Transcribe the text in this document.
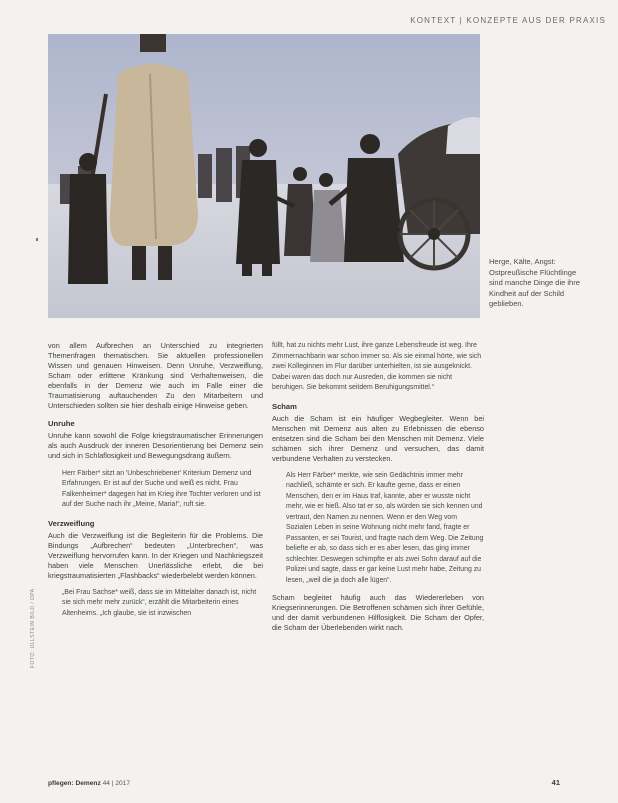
KONTEXT | KONZEPTE AUS DER PRAXIS
Herge, Kälte, Angst: Ostpreußische Flüchtlinge sind manche Dinge die ihre Kindheit auf der Schild geblieben.

von allem Aufbrechen an Unterschied zu integrierten Themenfragen thematischen. Sie aktuellen professionellen Wissen und genauen Hinweisen. Denn Unruhe, Verzweiflung, Scham oder erlittene Kränkung sind Verhaltenweisen, die ebenfalls in der Demenz wie auch im Falle einer die Traumatisierung auftauchenden Zu den Mitarbeitern und Unterschieden sollten sie hier deshalb einige Hinweise geben.

Unruhe

Unruhe kann sowohl die Folge kriegstraumatischer Erinnerungen als auch Ausdruck der inneren Desorientierung bei Demenz sein und sich in Schlaflosigkeit und Bewegungsdrang äußern.

Herr Färber* sitzt an 'Unbeschriebener' Kriterium Demenz und Erfahrungen. Er ist auf der Suche und weiß es nicht. Frau Falkenheimer* dagegen hat im Krieg ihre Tochter verloren und ist auf der Suche nach ihr „Meine, Maria!“, ruft sie.

Verzweiflung

Auch die Verzweiflung ist die Begleiterin für die Problems. Die Bindungs „Aufbrechen“ bedeuten „Unterbrechen“, was Verzweiflung hervorrufen kann. In der Kriegen und Nachkriegszeit haben viele Menschen Unerlässliche erlebt, die bei kriegstraumatisierten „Flashbacks“ wiederbelebt werden können.

„Bei Frau Sachse* weiß, dass sie im Mittelalter danach ist, nicht sie sich mehr mehr zurück“, erzählt die Mitarbeiterin eines Altenheims. „Ich glaube, sie ist inzwischen

füllt, hat zu nichts mehr Lust, ihre ganze Lebensfreude ist weg. Ihre Zimmernachbarin war schon immer so. Als sie einmal hörte, wie sich zwei Kolleginnen im Flur darüber unterhielten, ist sie ausgeknickt. Dabei waren das doch nur Ausreden, die kommen sie nicht beruhigen. Sie bekommt seitdem Beruhigungsmittel.“

Scham

Auch die Scham ist ein häufiger Wegbegleiter. Wenn bei Menschen mit Demenz aus alten zu Erlebnissen die ebenso entsetzen sind die Scham bei den Menschen mit Demenz. Viele schämen sich ihrer Demenz und versuchen, das damit verbundene Verhalten zu verstecken.

Als Herr Färber* merkte, wie sein Gedächtnis immer mehr nachließ, schämte er sich. Er kaufte gerne, dass er einen Menschen, den er im Haus traf, kannte, aber er wusste nicht mehr, wie er hieß. Also tat er so, als würden sie sich kennen und vertraut, den Namen zu nennen. Wenn er den Weg vom Sozialen Leben in seine Wohnung nicht mehr fand, fragte er Passanten, er sei Tourist, und fragte nach dem Weg. Die Zeitung beliefte er ab, so dass sich er es aber lesen, das ging immer schlechter. Deswegen schimpfte er als zwei Sohn darauf auf die Polizei und sagte, dass er gar keine Lust mehr habe, Zeitung zu lesen, „weil die ja doch alle lügen“.

Scham begleitet häufig auch das Wiedererleben von Kriegserinnerungen. Die Betroffenen schämen sich ihrer Gefühle, und der damit verbundenen Hilflosigkeit. Die Scham der Opfer, die Scham der Überlebenden wirkt nach.

FOTO: ULLSTEIN BILD / DPA
pflegen: Demenz 44 | 2017	41
